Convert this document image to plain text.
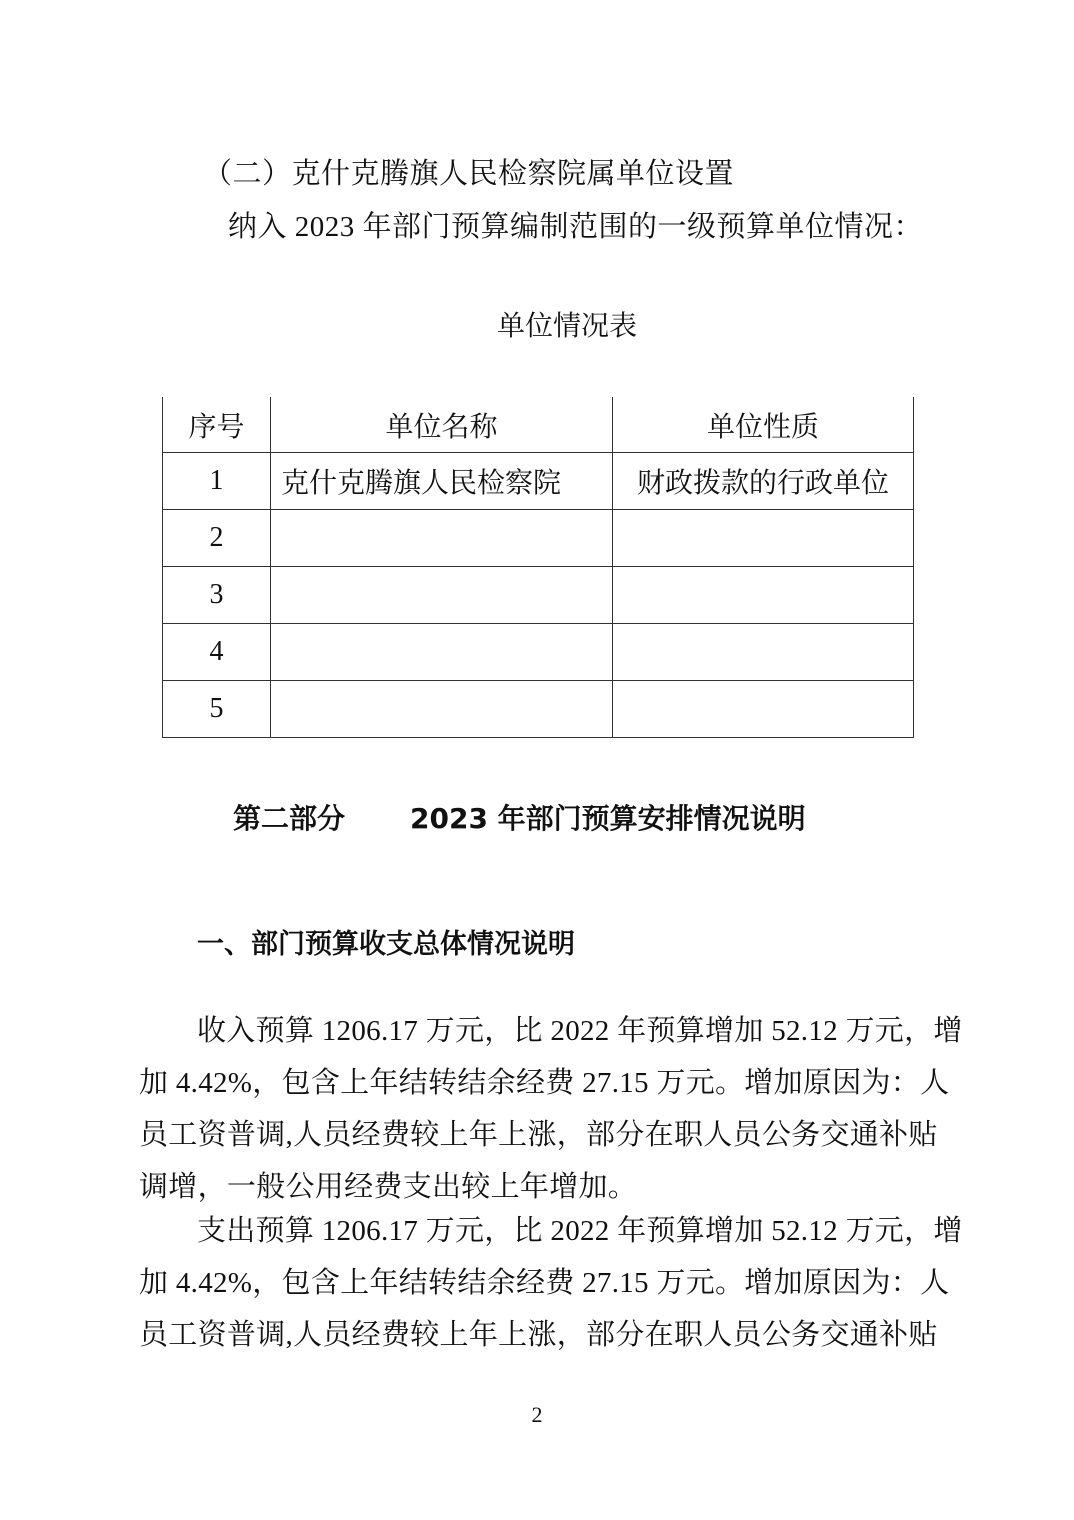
（二）克什克腾旗人民检察院属单位设置
纳入 2023 年部门预算编制范围的一级预算单位情况：
单位情况表
序号	单位名称	单位性质
1	克什克腾旗人民检察院	财政拨款的行政单位
2		
3		
4		
5		
第二部分 2023 年部门预算安排情况说明
一、部门预算收支总体情况说明
收入预算 1206.17 万元，比 2022 年预算增加 52.12 万元，增
加 4.42%，包含上年结转结余经费 27.15 万元。增加原因为：人
员工资普调,人员经费较上年上涨，部分在职人员公务交通补贴
调增，一般公用经费支出较上年增加。
支出预算 1206.17 万元，比 2022 年预算增加 52.12 万元，增
加 4.42%，包含上年结转结余经费 27.15 万元。增加原因为：人
员工资普调,人员经费较上年上涨，部分在职人员公务交通补贴
2
